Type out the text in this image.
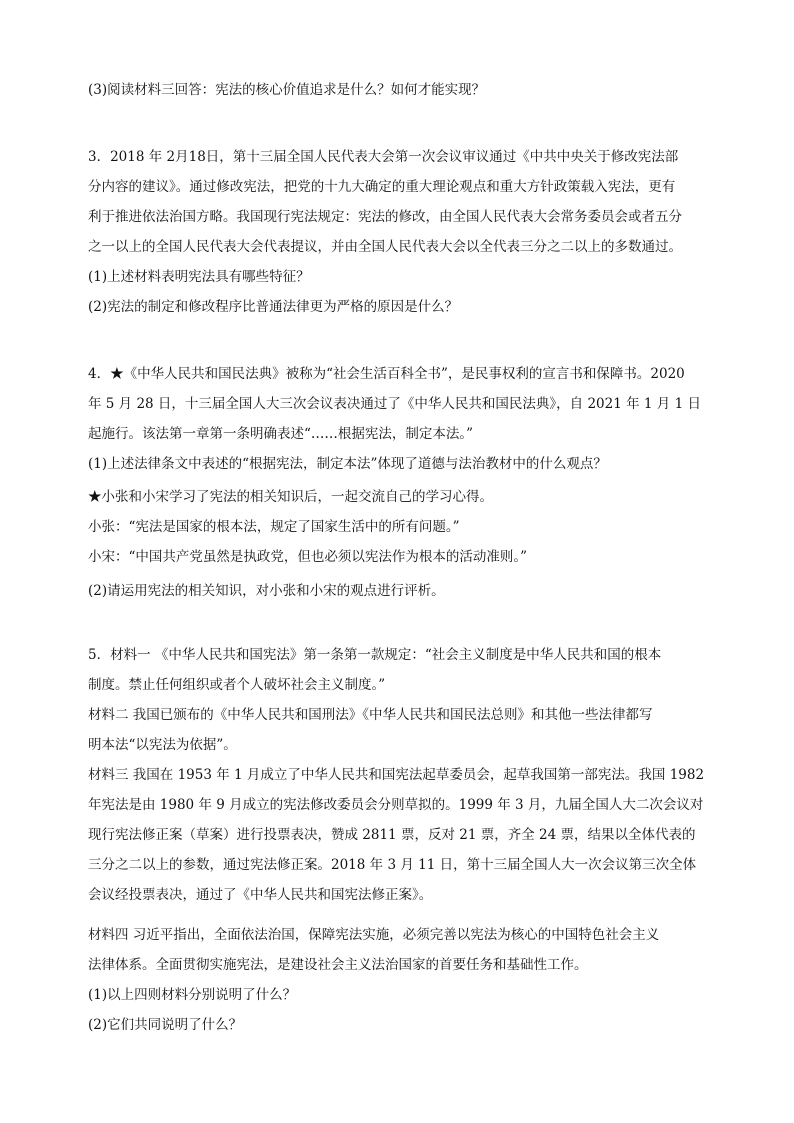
(3)阅读材料三回答：宪法的核心价值追求是什么？如何才能实现？
3．2018 年 2月18日，第十三届全国人民代表大会第一次会议审议通过《中共中央关于修改宪法部
分内容的建议》。通过修改宪法，把党的十九大确定的重大理论观点和重大方针政策载入宪法，更有
利于推进依法治国方略。我国现行宪法规定：宪法的修改，由全国人民代表大会常务委员会或者五分
之一以上的全国人民代表大会代表提议，并由全国人民代表大会以全代表三分之二以上的多数通过。
(1)上述材料表明宪法具有哪些特征？
(2)宪法的制定和修改程序比普通法律更为严格的原因是什么？
4．★《中华人民共和国民法典》被称为“社会生活百科全书”，是民事权利的宣言书和保障书。2020
年 5 月 28 日，十三届全国人大三次会议表决通过了《中华人民共和国民法典》，自 2021 年 1 月 1 日
起施行。该法第一章第一条明确表述“……根据宪法，制定本法。”
(1)上述法律条文中表述的“根据宪法，制定本法”体现了道德与法治教材中的什么观点？
★小张和小宋学习了宪法的相关知识后，一起交流自己的学习心得。
小张：“宪法是国家的根本法，规定了国家生活中的所有问题。”
小宋：“中国共产党虽然是执政党，但也必须以宪法作为根本的活动准则。”
(2)请运用宪法的相关知识，对小张和小宋的观点进行评析。
5．材料一 《中华人民共和国宪法》第一条第一款规定：“社会主义制度是中华人民共和国的根本
制度。禁止任何组织或者个人破坏社会主义制度。”
材料二 我国已颁布的《中华人民共和国刑法》《中华人民共和国民法总则》和其他一些法律都写
明本法“以宪法为依据”。
材料三 我国在 1953 年 1 月成立了中华人民共和国宪法起草委员会，起草我国第一部宪法。我国 1982
年宪法是由 1980 年 9 月成立的宪法修改委员会分则草拟的。1999 年 3 月，九届全国人大二次会议对
现行宪法修正案（草案）进行投票表决，赞成 2811 票，反对 21 票，齐全 24 票，结果以全体代表的
三分之二以上的参数，通过宪法修正案。2018 年 3 月 11 日，第十三届全国人大一次会议第三次全体
会议经投票表决，通过了《中华人民共和国宪法修正案》。
材料四 习近平指出，全面依法治国，保障宪法实施，必须完善以宪法为核心的中国特色社会主义
法律体系。全面贯彻实施宪法，是建设社会主义法治国家的首要任务和基础性工作。
(1)以上四则材料分别说明了什么？
(2)它们共同说明了什么？
